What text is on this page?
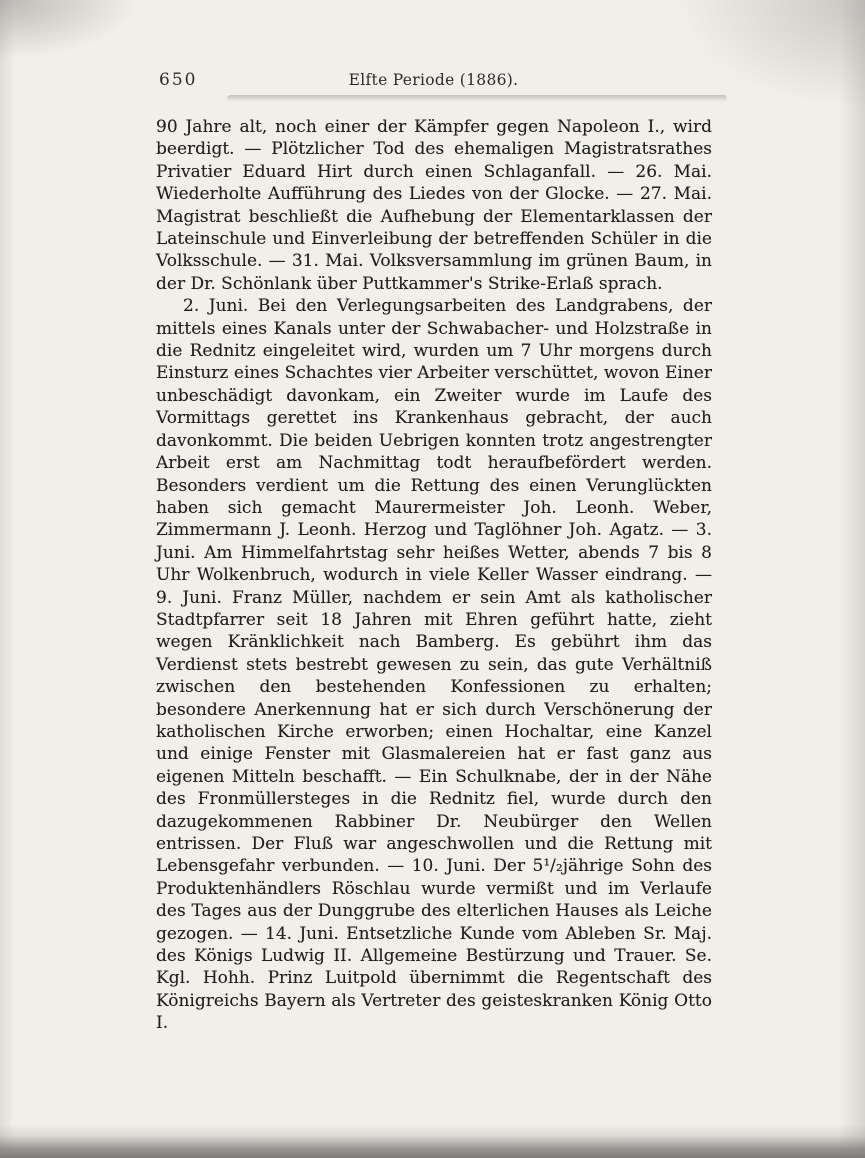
650	Elfte Periode (1886).

90 Jahre alt, noch einer der Kämpfer gegen Napoleon I., wird beerdigt. — Plötzlicher Tod des ehemaligen Magistratsrathes Privatier Eduard Hirt durch einen Schlaganfall. — 26. Mai. Wiederholte Aufführung des Liedes von der Glocke. — 27. Mai. Magistrat beschließt die Aufhebung der Elementarklassen der Lateinschule und Einverleibung der betreffenden Schüler in die Volksschule. — 31. Mai. Volksversammlung im grünen Baum, in der Dr. Schönlank über Puttkammer's Strike-Erlaß sprach.

2. Juni. Bei den Verlegungsarbeiten des Landgrabens, der mittels eines Kanals unter der Schwabacher- und Holzstraße in die Rednitz eingeleitet wird, wurden um 7 Uhr morgens durch Einsturz eines Schachtes vier Arbeiter verschüttet, wovon Einer unbeschädigt davonkam, ein Zweiter wurde im Laufe des Vormittags gerettet ins Krankenhaus gebracht, der auch davonkommt. Die beiden Uebrigen konnten trotz angestrengter Arbeit erst am Nachmittag todt heraufbefördert werden. Besonders verdient um die Rettung des einen Verunglückten haben sich gemacht Maurermeister Joh. Leonh. Weber, Zimmermann J. Leonh. Herzog und Taglöhner Joh. Agatz. — 3. Juni. Am Himmelfahrtstag sehr heißes Wetter, abends 7 bis 8 Uhr Wolkenbruch, wodurch in viele Keller Wasser eindrang. — 9. Juni. Franz Müller, nachdem er sein Amt als katholischer Stadtpfarrer seit 18 Jahren mit Ehren geführt hatte, zieht wegen Kränklichkeit nach Bamberg. Es gebührt ihm das Verdienst stets bestrebt gewesen zu sein, das gute Verhältniß zwischen den bestehenden Konfessionen zu erhalten; besondere Anerkennung hat er sich durch Verschönerung der katholischen Kirche erworben; einen Hochaltar, eine Kanzel und einige Fenster mit Glasmalereien hat er fast ganz aus eigenen Mitteln beschafft. — Ein Schulknabe, der in der Nähe des Fronmüllersteges in die Rednitz fiel, wurde durch den dazugekommenen Rabbiner Dr. Neubürger den Wellen entrissen. Der Fluß war angeschwollen und die Rettung mit Lebensgefahr verbunden. — 10. Juni. Der 5¹/₂jährige Sohn des Produktenhändlers Röschlau wurde vermißt und im Verlaufe des Tages aus der Dunggrube des elterlichen Hauses als Leiche gezogen. — 14. Juni. Entsetzliche Kunde vom Ableben Sr. Maj. des Königs Ludwig II. Allgemeine Bestürzung und Trauer. Se. Kgl. Hohh. Prinz Luitpold übernimmt die Regentschaft des Königreichs Bayern als Vertreter des geisteskranken König Otto I.
